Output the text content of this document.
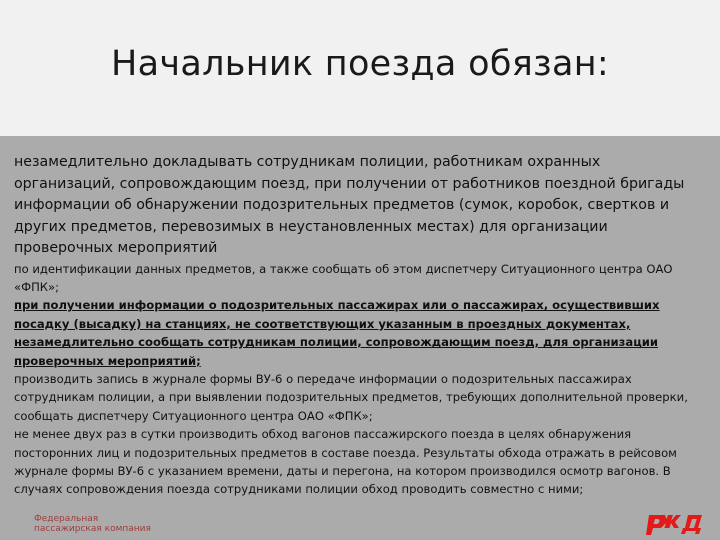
Начальник поезда обязан:

незамедлительно докладывать сотрудникам полиции, работникам охранных организаций, сопровождающим поезд, при получении от работников поездной бригады информации об обнаружении подозрительных предметов (сумок, коробок, свертков и других предметов, перевозимых в неустановленных местах) для организации проверочных мероприятий

по идентификации данных предметов, а также сообщать об этом диспетчеру Ситуационного центра ОАО «ФПК»;

при получении информации о подозрительных пассажирах или о пассажирах, осуществивших посадку (высадку) на станциях, не соответствующих указанным в проездных документах, незамедлительно сообщать сотрудникам полиции, сопровождающим поезд, для организации проверочных мероприятий;

производить запись в журнале формы ВУ-6 о передаче информации о подозрительных пассажирах сотрудникам полиции, а при выявлении подозрительных предметов, требующих дополнительной проверки, сообщать диспетчеру Ситуационного центра ОАО «ФПК»;

не менее двух раз в сутки производить обход вагонов пассажирского поезда в целях обнаружения посторонних лиц и подозрительных предметов в составе поезда. Результаты обхода отражать в рейсовом журнале формы ВУ-6 с указанием времени, даты и перегона, на котором производился осмотр вагонов. В случаях сопровождения поезда сотрудниками полиции обход проводить совместно с ними;

Федеральная
пассажирская компания
